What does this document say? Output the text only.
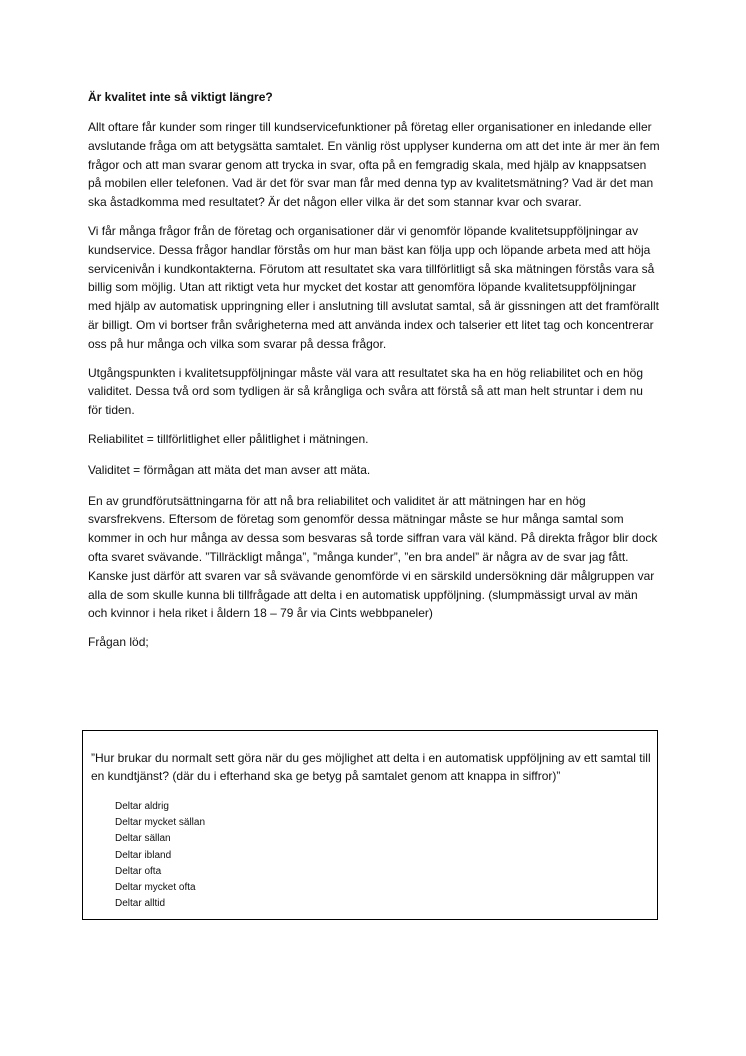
Är kvalitet inte så viktigt längre?

Allt oftare får kunder som ringer till kundservicefunktioner på företag eller organisationer en inledande eller avslutande fråga om att betygsätta samtalet. En vänlig röst upplyser kunderna om att det inte är mer än fem frågor och att man svarar genom att trycka in svar, ofta på en femgradig skala, med hjälp av knappsatsen på mobilen eller telefonen. Vad är det för svar man får med denna typ av kvalitetsmätning? Vad är det man ska åstadkomma med resultatet? Är det någon eller vilka är det som stannar kvar och svarar.

Vi får många frågor från de företag och organisationer där vi genomför löpande kvalitetsuppföljningar av kundservice. Dessa frågor handlar förstås om hur man bäst kan följa upp och löpande arbeta med att höja servicenivån i kundkontakterna. Förutom att resultatet ska vara tillförlitligt så ska mätningen förstås vara så billig som möjlig. Utan att riktigt veta hur mycket det kostar att genomföra löpande kvalitetsuppföljningar med hjälp av automatisk uppringning eller i anslutning till avslutat samtal, så är gissningen att det framförallt är billigt. Om vi bortser från svårigheterna med att använda index och talserier ett litet tag och koncentrerar oss på hur många och vilka som svarar på dessa frågor.

Utgångspunkten i kvalitetsuppföljningar måste väl vara att resultatet ska ha en hög reliabilitet och en hög validitet. Dessa två ord som tydligen är så krångliga och svåra att förstå så att man helt struntar i dem nu för tiden.

Reliabilitet = tillförlitlighet eller pålitlighet i mätningen.

Validitet = förmågan att mäta det man avser att mäta.

En av grundförutsättningarna för att nå bra reliabilitet och validitet är att mätningen har en hög svarsfrekvens. Eftersom de företag som genomför dessa mätningar måste se hur många samtal som kommer in och hur många av dessa som besvaras så torde siffran vara väl känd. På direkta frågor blir dock ofta svaret svävande. ”Tillräckligt många”, ”många kunder”, ”en bra andel” är några av de svar jag fått. Kanske just därför att svaren var så svävande genomförde vi en särskild undersökning där målgruppen var alla de som skulle kunna bli tillfrågade att delta i en automatisk uppföljning. (slumpmässigt urval av män och kvinnor i hela riket i åldern 18 – 79 år via Cints webbpaneler)

Frågan löd;

”Hur brukar du normalt sett göra när du ges möjlighet att delta i en automatisk uppföljning av ett samtal till en kundtjänst? (där du i efterhand ska ge betyg på samtalet genom att knappa in siffror)”

Deltar aldrig
Deltar mycket sällan
Deltar sällan
Deltar ibland
Deltar ofta
Deltar mycket ofta
Deltar alltid
